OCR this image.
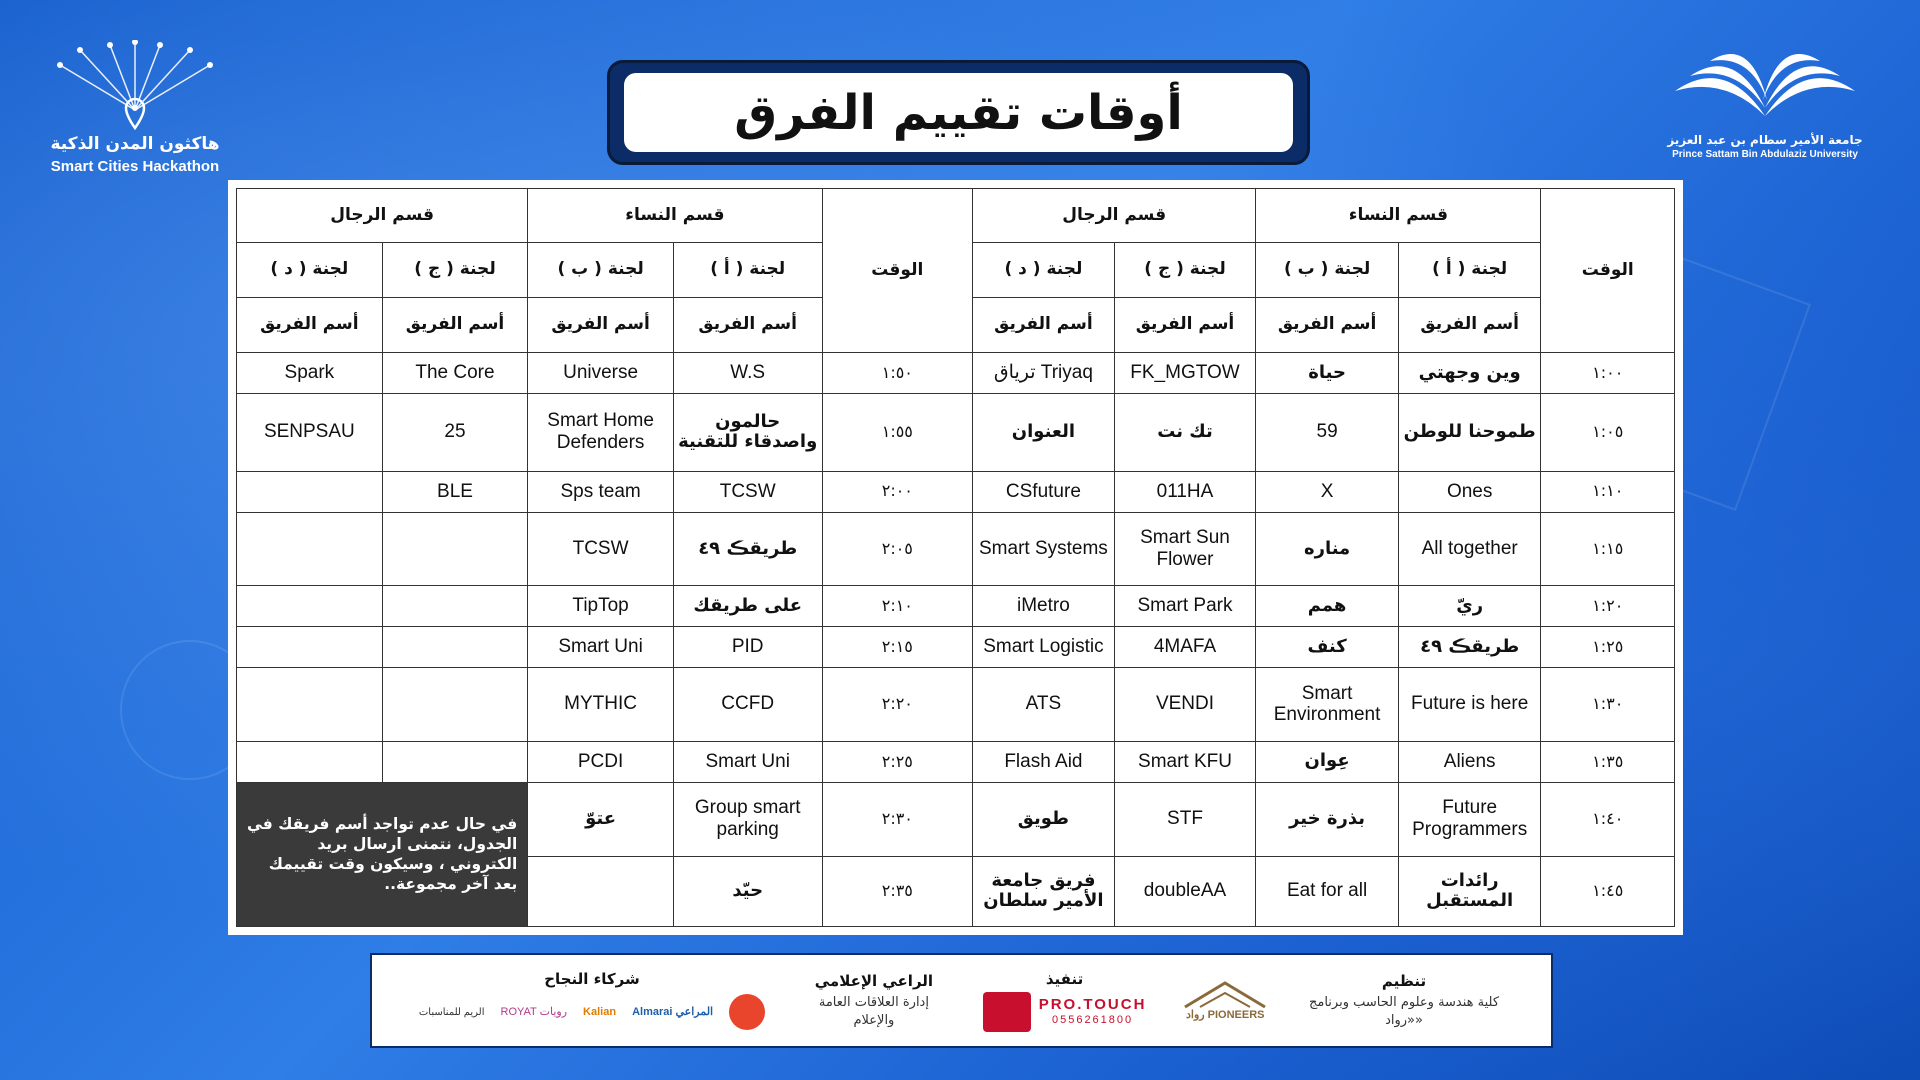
هاكثون المدن الذكية
Smart Cities Hackathon
جامعة الأمير سطام بن عبد العزيز
Prince Sattam Bin Abdulaziz University
أوقات تقييم الفرق
الوقت	قسم النساء		قسم الرجال		الوقت	قسم النساء		قسم الرجال	
	لجنة ( أ )	لجنة ( ب )	لجنة ( ج )	لجنة ( د )		لجنة ( أ )	لجنة ( ب )	لجنة ( ج )	لجنة ( د )
	أسم الفريق	أسم الفريق	أسم الفريق	أسم الفريق		أسم الفريق	أسم الفريق	أسم الفريق	أسم الفريق
١:٠٠	وين وجهتي	حياة	FK_MGTOW	Triyaq ترياق	١:٥٠	W.S	Universe	The Core	Spark
١:٠٥	طموحنا للوطن	59	تك نت	العنوان	١:٥٥	حالمون واصدقاء للتقنية	Smart Home Defenders	25	SENPSAU
١:١٠	Ones	X	011HA	CSfuture	٢:٠٠	TCSW	Sps team	BLE	
١:١٥	All together	مناره	Smart Sun Flower	Smart Systems	٢:٠٥	طريقڪ ٤٩	TCSW		
١:٢٠	ريّ	همم	Smart Park	iMetro	٢:١٠	على طريقك	TipTop		
١:٢٥	طريقڪ ٤٩	كنف	4MAFA	Smart Logistic	٢:١٥	PID	Smart Uni		
١:٣٠	Future is here	Smart Environment	VENDI	ATS	٢:٢٠	CCFD	MYTHIC		
١:٣٥	Aliens	عِوان	Smart KFU	Flash Aid	٢:٢٥	Smart Uni	PCDI		
١:٤٠	Future Programmers	بذرة خير	STF	طويق	٢:٣٠	Group smart parking	عتوّ	في حال عدم تواجد أسم فريقك في الجدول، نتمنى ارسال بريد الكتروني ، وسيكون وقت تقييمك بعد آخر مجموعة..	
١:٤٥	رائدات المستقبل	Eat for all	doubleAA	فريق جامعة الأمير سلطان	٢:٣٥	حيّد			
تنظيم
كلية هندسة وعلوم الحاسب وبرنامج «رواد»
رواد PIONEERS
تنفيذ
PRO.TOUCH
0556261800
الراعي الإعلامي
إدارة العلاقات العامة والإعلام
شركاء النجاح
Almarai المراعي
Kalian
ROYAT رويات
الريم للمناسبات
